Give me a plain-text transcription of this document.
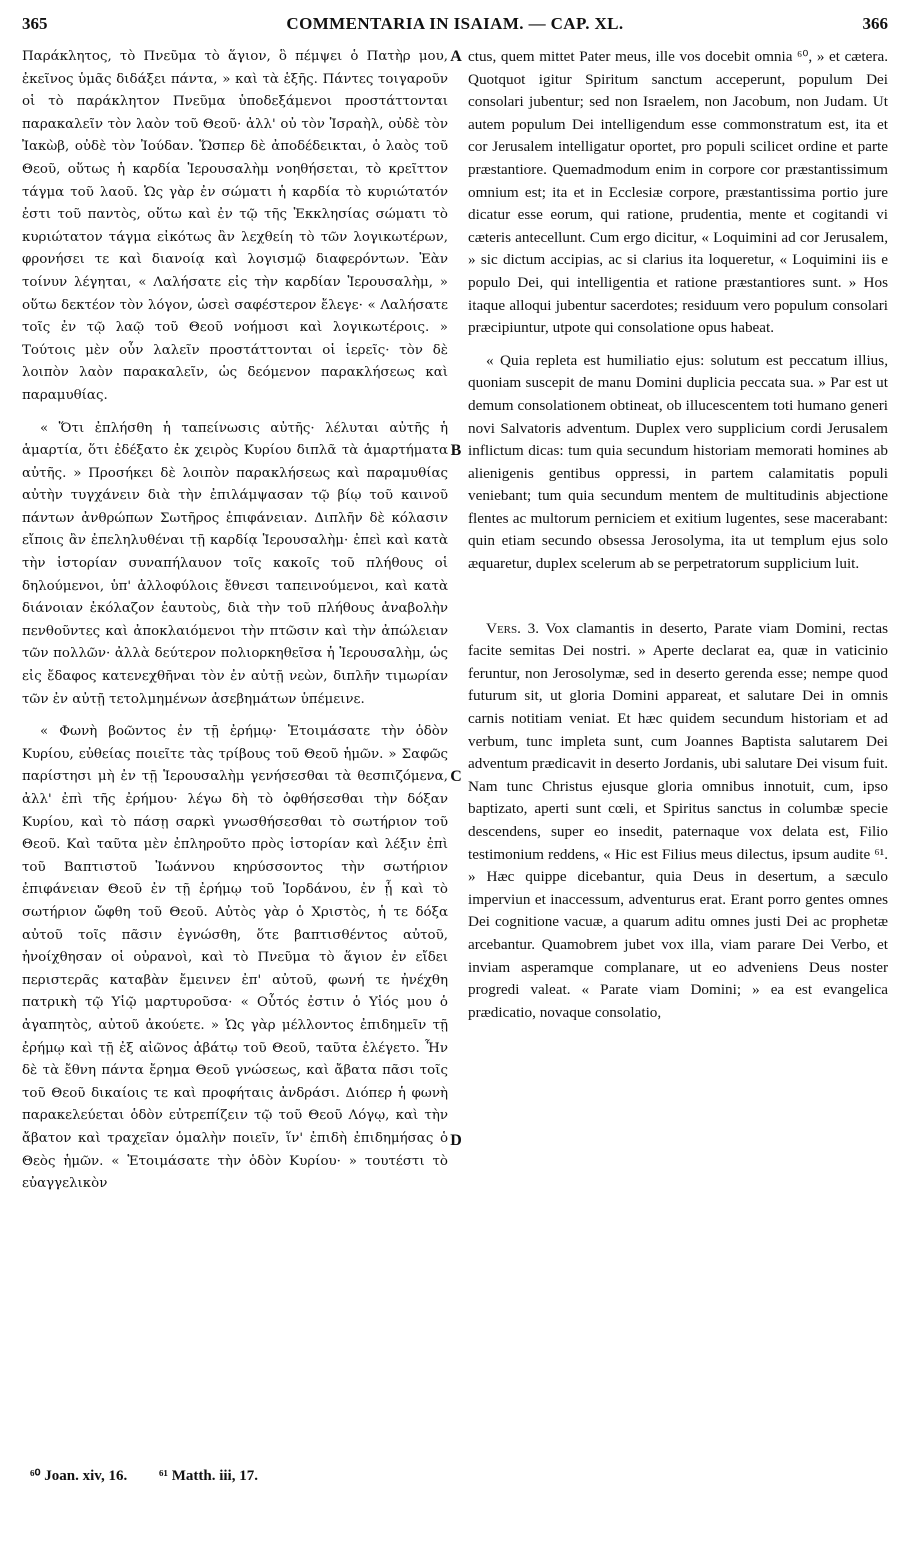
365	COMMENTARIA IN ISAIAM. — CAP. XL.	366

Παράκλητος, τὸ Πνεῦμα τὸ ἅγιον, ὃ πέμψει ὁ Πατὴρ μου, ἐκεῖνος ὑμᾶς διδάξει πάντα, » καὶ τὰ ἑξῆς. Πάντες τοιγαροῦν οἱ τὸ παράκλητον Πνεῦμα ὑποδεξάμενοι προστάττονται παρακαλεῖν τὸν λαὸν τοῦ Θεοῦ· ἀλλ' οὐ τὸν Ἰσραὴλ, οὐδὲ τὸν Ἰακὼβ, οὐδὲ τὸν Ἰούδαν. Ὥσπερ δὲ ἀποδέδεικται, ὁ λαὸς τοῦ Θεοῦ, οὕτως ἡ καρδία Ἱερουσαλὴμ νοηθήσεται, τὸ κρεῖττον τάγμα τοῦ λαοῦ. Ὡς γὰρ ἐν σώματι ἡ καρδία τὸ κυριώτατόν ἐστι τοῦ παντὸς, οὕτω καὶ ἐν τῷ τῆς Ἐκκλησίας σώματι τὸ κυριώτατον τάγμα εἰκότως ἂν λεχθείη τὸ τῶν λογικωτέρων, φρονήσει τε καὶ διανοίᾳ καὶ λογισμῷ διαφερόντων. Ἐὰν τοίνυν λέγηται, « Λαλήσατε εἰς τὴν καρδίαν Ἱερουσαλὴμ, » οὕτω δεκτέον τὸν λόγον, ὡσεὶ σαφέστερον ἔλεγε· « Λαλήσατε τοῖς ἐν τῷ λαῷ τοῦ Θεοῦ νοήμοσι καὶ λογικωτέροις. » Τούτοις μὲν οὖν λαλεῖν προστάττονται οἱ ἱερεῖς· τὸν δὲ λοιπὸν λαὸν παρακαλεῖν, ὡς δεόμενον παρακλήσεως καὶ παραμυθίας.

« Ὅτι ἐπλήσθη ἡ ταπείνωσις αὐτῆς· λέλυται αὐτῆς ἡ ἁμαρτία, ὅτι ἐδέξατο ἐκ χειρὸς Κυρίου διπλᾶ τὰ ἁμαρτήματα αὐτῆς. » Προσήκει δὲ λοιπὸν παρακλήσεως καὶ παραμυθίας αὐτὴν τυγχάνειν διὰ τὴν ἐπιλάμψασαν τῷ βίῳ τοῦ καινοῦ πάντων ἀνθρώπων Σωτῆρος ἐπιφάνειαν. Διπλῆν δὲ κόλασιν εἴποις ἂν ἐπεληλυθέναι τῇ καρδίᾳ Ἱερουσαλὴμ· ἐπεὶ καὶ κατὰ τὴν ἱστορίαν συναπήλαυον τοῖς κακοῖς τοῦ πλήθους οἱ δηλούμενοι, ὑπ' ἀλλοφύλοις ἔθνεσι ταπεινούμενοι, καὶ κατὰ διάνοιαν ἐκόλαζον ἑαυτοὺς, διὰ τὴν τοῦ πλήθους ἀναβολὴν πενθοῦντες καὶ ἀποκλαιόμενοι τὴν πτῶσιν καὶ τὴν ἀπώλειαν τῶν πολλῶν· ἀλλὰ δεύτερον πολιορκηθεῖσα ἡ Ἱερουσαλὴμ, ὡς εἰς ἔδαφος κατενεχθῆναι τὸν ἐν αὐτῇ νεὼν, διπλῆν τιμωρίαν τῶν ἐν αὐτῇ τετολμημένων ἀσεβημάτων ὑπέμεινε.

« Φωνὴ βοῶντος ἐν τῇ ἐρήμῳ· Ἑτοιμάσατε τὴν ὁδὸν Κυρίου, εὐθείας ποιεῖτε τὰς τρίβους τοῦ Θεοῦ ἡμῶν. » Σαφῶς παρίστησι μὴ ἐν τῇ Ἱερουσαλὴμ γενήσεσθαι τὰ θεσπιζόμενα, ἀλλ' ἐπὶ τῆς ἐρήμου· λέγω δὴ τὸ ὀφθήσεσθαι τὴν δόξαν Κυρίου, καὶ τὸ πάσῃ σαρκὶ γνωσθήσεσθαι τὸ σωτήριον τοῦ Θεοῦ. Καὶ ταῦτα μὲν ἐπληροῦτο πρὸς ἱστορίαν καὶ λέξιν ἐπὶ τοῦ Βαπτιστοῦ Ἰωάννου κηρύσσοντος τὴν σωτήριον ἐπιφάνειαν Θεοῦ ἐν τῇ ἐρήμῳ τοῦ Ἰορδάνου, ἐν ᾗ καὶ τὸ σωτήριον ὤφθη τοῦ Θεοῦ. Αὐτὸς γὰρ ὁ Χριστὸς, ἡ τε δόξα αὐτοῦ τοῖς πᾶσιν ἐγνώσθη, ὅτε βαπτισθέντος αὐτοῦ, ἠνοίχθησαν οἱ οὐρανοὶ, καὶ τὸ Πνεῦμα τὸ ἅγιον ἐν εἴδει περιστερᾶς καταβὰν ἔμεινεν ἐπ' αὐτοῦ, φωνή τε ἠνέχθη πατρικὴ τῷ Υἱῷ μαρτυροῦσα· « Οὗτός ἐστιν ὁ Υἱός μου ὁ ἀγαπητὸς, αὐτοῦ ἀκούετε. » Ὡς γὰρ μέλλοντος ἐπιδημεῖν τῇ ἐρήμῳ καὶ τῇ ἐξ αἰῶνος ἀβάτῳ τοῦ Θεοῦ, ταῦτα ἐλέγετο. Ἦν δὲ τὰ ἔθνη πάντα ἔρημα Θεοῦ γνώσεως, καὶ ἄβατα πᾶσι τοῖς τοῦ Θεοῦ δικαίοις τε καὶ προφήταις ἀνδράσι. Διόπερ ἡ φωνὴ παρακελεύεται ὁδὸν εὐτρεπίζειν τῷ τοῦ Θεοῦ Λόγῳ, καὶ τὴν ἄβατον καὶ τραχεῖαν ὁμαλὴν ποιεῖν, ἵν' ἐπιδὴ ἐπιδημήσας ὁ Θεὸς ἡμῶν. « Ἑτοιμάσατε τὴν ὁδὸν Κυρίου· » τουτέστι τὸ εὐαγγελικὸν

A
B
C
D

ctus, quem mittet Pater meus, ille vos docebit omnia ⁶⁰, » et cætera. Quotquot igitur Spiritum sanctum acceperunt, populum Dei consolari jubentur; sed non Israelem, non Jacobum, non Judam. Ut autem populum Dei intelligendum esse commonstratum est, ita et cor Jerusalem intelligatur oportet, pro populi scilicet ordine et parte præstantiore. Quemadmodum enim in corpore cor præstantissimum omnium est; ita et in Ecclesiæ corpore, præstantissima portio jure dicatur esse eorum, qui ratione, prudentia, mente et cogitandi vi cæteris antecellunt. Cum ergo dicitur, « Loquimini ad cor Jerusalem, » sic dictum accipias, ac si clarius ita loqueretur, « Loquimini iis e populo Dei, qui intelligentia et ratione præstantiores sunt. » Hos itaque alloqui jubentur sacerdotes; residuum vero populum consolari præcipiuntur, utpote qui consolatione opus habeat.

« Quia repleta est humiliatio ejus: solutum est peccatum illius, quoniam suscepit de manu Domini duplicia peccata sua. » Par est ut demum consolationem obtineat, ob illucescentem toti humano generi novi Salvatoris adventum. Duplex vero supplicium cordi Jerusalem inflictum dicas: tum quia secundum historiam memorati homines ab alienigenis gentibus oppressi, in partem calamitatis populi veniebant; tum quia secundum mentem de multitudinis abjectione flentes ac multorum perniciem et exitium lugentes, sese macerabant: quin etiam secundo obsessa Jerosolyma, ita ut templum ejus solo æquaretur, duplex scelerum ab se perpetratorum supplicium luit.

Vers. 3. Vox clamantis in deserto, Parate viam Domini, rectas facite semitas Dei nostri. » Aperte declarat ea, quæ in vaticinio feruntur, non Jerosolymæ, sed in deserto gerenda esse; nempe quod futurum sit, ut gloria Domini appareat, et salutare Dei in omnis carnis notitiam veniat. Et hæc quidem secundum historiam et ad verbum, tunc impleta sunt, cum Joannes Baptista salutarem Dei adventum prædicavit in deserto Jordanis, ubi salutare Dei visum fuit. Nam tunc Christus ejusque gloria omnibus innotuit, cum, ipso baptizato, aperti sunt cœli, et Spiritus sanctus in columbæ specie descendens, super eo insedit, paternaque vox delata est, Filio testimonium reddens, « Hic est Filius meus dilectus, ipsum audite ⁶¹. » Hæc quippe dicebantur, quia Deus in desertum, a sæculo imperviun et inaccessum, adventurus erat. Erant porro gentes omnes Dei cognitione vacuæ, a quarum aditu omnes justi Dei ac prophetæ arcebantur. Quamobrem jubet vox illa, viam parare Dei Verbo, et inviam asperamque complanare, ut eo adveniens Deus noster progredi valeat. « Parate viam Domini; » ea est evangelica prædicatio, novaque consolatio,

⁶⁰ Joan. xiv, 16. ⁶¹ Matth. iii, 17.
